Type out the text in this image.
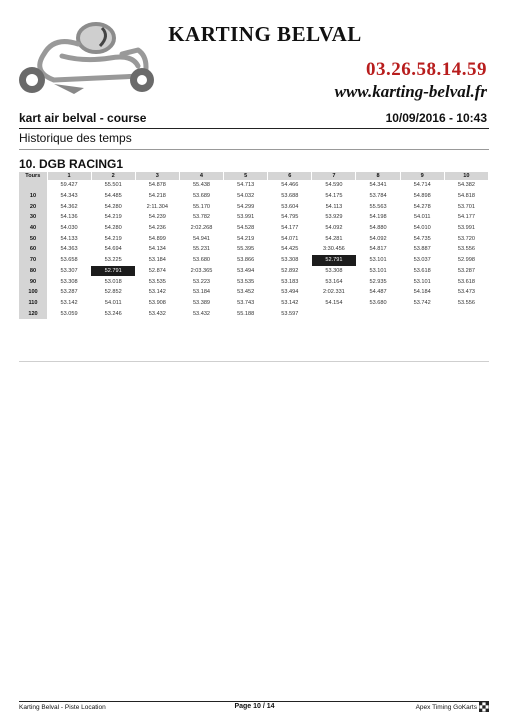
KARTING BELVAL
03.26.58.14.59
www.karting-belval.fr
kart air belval - course	10/09/2016 - 10:43
Historique des temps
10. DGB RACING1
Tours	1	2	3	4	5	6	7	8	9	10
	59.427	55.501	54.878	55.438	54.713	54.466	54.590	54.341	54.714	54.382
10	54.343	54.485	54.218	53.689	54.032	53.688	54.175	53.784	54.898	54.818
20	54.362	54.280	2:11.304	55.170	54.299	53.604	54.113	55.563	54.278	53.701
30	54.136	54.219	54.239	53.782	53.991	54.795	53.929	54.198	54.011	54.177
40	54.030	54.280	54.236	2:02.268	54.528	54.177	54.092	54.880	54.010	53.991
50	54.133	54.219	54.899	54.941	54.219	54.071	54.281	54.092	54.735	53.720
60	54.363	54.694	54.134	55.231	55.395	54.425	3:30.456	54.817	53.887	53.556
70	53.658	53.225	53.184	53.680	53.866	53.308	52.791	53.101	53.037	52.998
80	53.307	52.791	52.874	2:03.365	53.494	52.892	53.308	53.101	53.618	53.287
90	53.308	53.018	53.535	53.223	53.535	53.183	53.164	52.935	53.101	53.618
100	53.287	52.852	53.142	53.184	53.452	53.494	2:02.331	54.487	54.184	53.473
110	53.142	54.011	53.908	53.389	53.743	53.142	54.154	53.680	53.742	53.556
120	53.059	53.246	53.432	53.432	55.188	53.597				
Karting Belval - Piste Location	Page 10 / 14	Apex Timing GoKarts
